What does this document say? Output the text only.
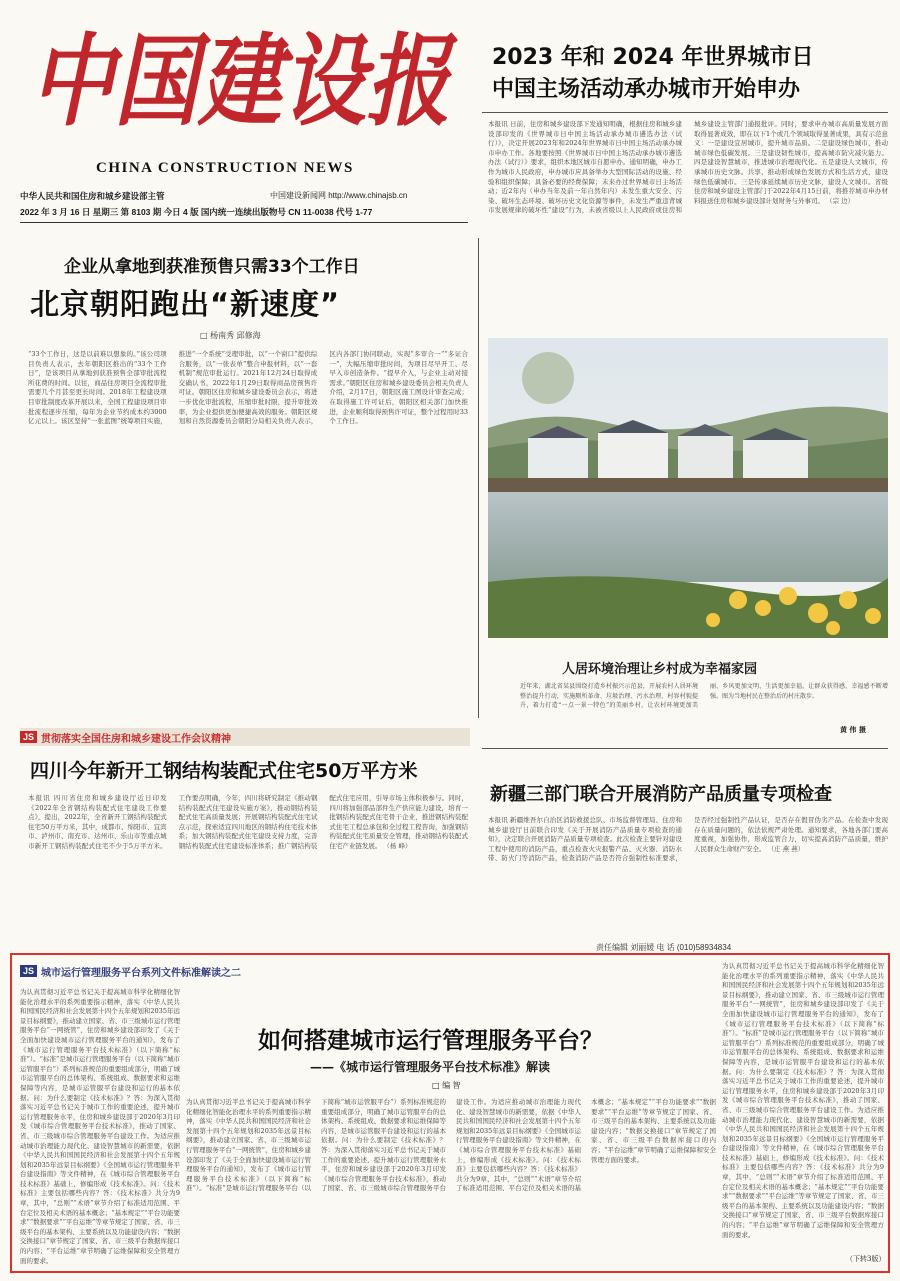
中国建设报
CHINA CONSTRUCTION NEWS
中华人民共和国住房和城乡建设部主管	中国建设新闻网 http://www.chinajsb.cn
2022 年 3 月 16 日 星期三 第 8103 期 今日 4 版 国内统一连续出版物号 CN 11-0038 代号 1-77
2023 年和 2024 年世界城市日
中国主场活动承办城市开始申办
本报讯 日前，住房和城乡建设部下发通知明确，根据住房和城乡建设部印发的《世界城市日中国主场活动承办城市遴选办法（试行）》，决定开展2023年和2024年世界城市日中国主场活动承办城市申办工作。各地要按照《世界城市日中国主场活动承办城市遴选办法（试行）》要求，组织本地区城市自愿申办。通知明确，申办工作为城市人民政府，申办城市应具备举办大型国际活动的设施、经验和组织保障；具备必要的经费保障；未来办过世界城市日主场活动；近2年内（申办当年及前一年自然年内）未发生重大安全、污染、破坏生态环境、破坏历史文化资源等事件，未发生严重违背城市发展规律的破坏性“建设”行为，未被省级以上人民政府或住房和城乡建设主管部门通报批评。同时，要求申办城市高质量发展方面取得显著成效，即在以下1个或几个领域取得显著成果，具有示范意义：一是建设宜居城市，提升城市品质。二是建设绿色城市，推动城市绿色低碳发展。三是建设韧性城市，提高城市防灾减灾能力。四是建设智慧城市，推进城市治理现代化。五是建设人文城市，传承城市历史文脉。共享、推动形成绿色发展方式和生活方式，建设绿色低碳城市。三是传承延续城市历史文脉，建设人文城市。省级住房和城乡建设主管部门于2022年4月15日前，将推荐城市申办材料报送住房和城乡建设部计划财务与外事司。 （宗 边）
企业从拿地到获准预售只需33个工作日
北京朝阳跑出“新速度”
□ 杨南秀 邱修海
“33个工作日，这是以前难以想象的。”该公司项目负责人表示，去年朝阳区推出的“33个工作日”，是该项目从拿地到获准预售全部审批流程所花费的时间。以往，商品住房项目全流程审批需要几个月甚至更长时间。2018年工程建设项目审批制度改革开展以来，全国工程建设项目审批流程逐步压缩，每年为企业节约成本约3000亿元以上。该区坚持“一张蓝图”统筹项目实施，推进“一个系统”受理审批，以“一个窗口”提供综合服务，以“一张表单”整合申报材料，以“一套机制”规范审批运行。2021年12月24日取得成交确认书，2022年1月29日取得商品房预售许可证。朝阳区住房和城乡建设委员会表示，将进一步优化审批流程，压缩审批时限，提升审批效率，为企业提供更加便捷高效的服务。朝阳区规划和自然资源委员会朝阳分局相关负责人表示，区内各部门协同联动，实现“多审合一”“多证合一”，大幅压缩审批时间，为项目尽早开工、尽早入市创造条件。“提早介入，与企业主动对接需求。”朝阳区住房和城乡建设委员会相关负责人介绍，2月17日，朝阳区施工图设计审查完成；在取得施工许可证后，朝阳区相关部门加快推进，企业顺利取得预售许可证，整个过程用时33个工作日。
人居环境治理让乡村成为幸福家园
近年来，湖北省某县围绕打造乡村振兴示范县，开展农村人居环境整治提升行动，实施厕所革命、垃圾治理、污水治理、村容村貌提升，着力打造“一点一景一特色”的美丽乡村，让农村环境更加美丽、乡风更加文明、生活更加幸福，让群众获得感、幸福感不断增强。图为当地村民在整治后的村庄散步。
黄 伟 摄
JS 贯彻落实全国住房和城乡建设工作会议精神
四川今年新开工钢结构装配式住宅50万平方米
本报讯 四川省住房和城乡建设厅近日印发《2022年全省钢结构装配式住宅建设工作要点》，提出，2022年，全省新开工钢结构装配式住宅50万平方米，其中，成都市、绵阳市、宜宾市、泸州市、南充市、达州市、乐山市等重点城市新开工钢结构装配式住宅不少于5万平方米。工作要点明确，今年，四川将研究制定《推动钢结构装配式住宅建设实施方案》，推动钢结构装配式住宅高质量发展；开展钢结构装配式住宅试点示范，探索适宜四川地区的钢结构住宅技术体系；加大钢结构装配式住宅建设支持力度，完善钢结构装配式住宅建设标准体系；推广钢结构装配式住宅应用，引导市场主体积极参与。同时，四川将加强部品部件生产供应能力建设，培育一批钢结构装配式住宅骨干企业，推进钢结构装配式住宅工程总承包和全过程工程咨询，加强钢结构装配式住宅质量安全管理，推动钢结构装配式住宅产业链发展。 （杨 峰）
新疆三部门联合开展消防产品质量专项检查
本报讯 新疆维吾尔自治区消防救援总队、市场监督管理局、住房和城乡建设厅日前联合印发《关于开展消防产品质量专项检查的通知》，决定联合开展消防产品质量专项检查。此次检查主要针对建设工程中使用的消防产品，重点检查火灾报警产品、灭火器、消防水带、防火门等消防产品，检查消防产品是否符合强制性标准要求，是否经过强制性产品认证，是否存在假冒伪劣产品。在检查中发现存在质量问题的，依法依规严肃处理。通知要求，各地各部门要高度重视，加强协作，形成监管合力，切实提高消防产品质量，维护人民群众生命财产安全。 （庄 燕 燕）
责任编辑 刘丽媛 电 话 (010)58934834
JS 城市运行管理服务平台系列文件标准解读之二
如何搭建城市运行管理服务平台？
——《城市运行管理服务平台技术标准》解读
□ 编 智
为认真贯彻习近平总书记关于提高城市科学化精细化智能化治理水平的系列重要指示精神，落实《中华人民共和国国民经济和社会发展第十四个五年规划和2035年远景目标纲要》，推动建立国家、省、市三级城市运行管理服务平台“一网统管”，住房和城乡建设部印发了《关于全面加快建设城市运行管理服务平台的通知》，发布了《城市运行管理服务平台技术标准》（以下简称“标准”）。“标准”是城市运行管理服务平台（以下简称“城市运管服平台”）系列标准规范的重要组成部分，明确了城市运管服平台的总体架构、系统组成、数据要求和运维保障等内容，是城市运管服平台建设和运行的基本依据。问：为什么要制定《技术标准》？答：为深入贯彻落实习近平总书记关于城市工作的重要论述，提升城市运行管理服务水平，住房和城乡建设部于2020年3月印发《城市综合管理服务平台技术标准》，推动了国家、省、市三级城市综合管理服务平台建设工作。为适应推动城市治理能力现代化、建设智慧城市的新需要，依据《中华人民共和国国民经济和社会发展第十四个五年规划和2035年远景目标纲要》《全国城市运行管理服务平台建设指南》等文件精神，在《城市综合管理服务平台技术标准》基础上，修编形成《技术标准》。问：《技术标准》主要包括哪些内容？答：《技术标准》共分为9章，其中，“总则”“术语”章节介绍了标准适用范围、平台定位及相关术语的基本概念；“基本规定”“平台功能要求”“数据要求”“平台运维”等章节规定了国家、省、市三级平台的基本架构、主要系统以及功能建设内容；“数据交换接口”章节规定了国家、省、市三级平台数据库接口的内容；“平台运维”章节明确了运维保障和安全管理方面的要求。
为认真贯彻习近平总书记关于提高城市科学化精细化智能化治理水平的系列重要指示精神，落实《中华人民共和国国民经济和社会发展第十四个五年规划和2035年远景目标纲要》，推动建立国家、省、市三级城市运行管理服务平台“一网统管”，住房和城乡建设部印发了《关于全面加快建设城市运行管理服务平台的通知》，发布了《城市运行管理服务平台技术标准》（以下简称“标准”）。“标准”是城市运行管理服务平台（以下简称“城市运管服平台”）系列标准规范的重要组成部分，明确了城市运管服平台的总体架构、系统组成、数据要求和运维保障等内容，是城市运管服平台建设和运行的基本依据。问：为什么要制定《技术标准》？答：为深入贯彻落实习近平总书记关于城市工作的重要论述，提升城市运行管理服务水平，住房和城乡建设部于2020年3月印发《城市综合管理服务平台技术标准》，推动了国家、省、市三级城市综合管理服务平台建设工作。为适应推动城市治理能力现代化、建设智慧城市的新需要，依据《中华人民共和国国民经济和社会发展第十四个五年规划和2035年远景目标纲要》《全国城市运行管理服务平台建设指南》等文件精神，在《城市综合管理服务平台技术标准》基础上，修编形成《技术标准》。问：《技术标准》主要包括哪些内容？答：《技术标准》共分为9章，其中，“总则”“术语”章节介绍了标准适用范围、平台定位及相关术语的基本概念；“基本规定”“平台功能要求”“数据要求”“平台运维”等章节规定了国家、省、市三级平台的基本架构、主要系统以及功能建设内容；“数据交换接口”章节规定了国家、省、市三级平台数据库接口的内容；“平台运维”章节明确了运维保障和安全管理方面的要求。
为认真贯彻习近平总书记关于提高城市科学化精细化智能化治理水平的系列重要指示精神，落实《中华人民共和国国民经济和社会发展第十四个五年规划和2035年远景目标纲要》，推动建立国家、省、市三级城市运行管理服务平台“一网统管”，住房和城乡建设部印发了《关于全面加快建设城市运行管理服务平台的通知》，发布了《城市运行管理服务平台技术标准》（以下简称“标准”）。“标准”是城市运行管理服务平台（以下简称“城市运管服平台”）系列标准规范的重要组成部分，明确了城市运管服平台的总体架构、系统组成、数据要求和运维保障等内容，是城市运管服平台建设和运行的基本依据。问：为什么要制定《技术标准》？答：为深入贯彻落实习近平总书记关于城市工作的重要论述，提升城市运行管理服务水平，住房和城乡建设部于2020年3月印发《城市综合管理服务平台技术标准》，推动了国家、省、市三级城市综合管理服务平台建设工作。为适应推动城市治理能力现代化、建设智慧城市的新需要，依据《中华人民共和国国民经济和社会发展第十四个五年规划和2035年远景目标纲要》《全国城市运行管理服务平台建设指南》等文件精神，在《城市综合管理服务平台技术标准》基础上，修编形成《技术标准》。问：《技术标准》主要包括哪些内容？答：《技术标准》共分为9章，其中，“总则”“术语”章节介绍了标准适用范围、平台定位及相关术语的基本概念；“基本规定”“平台功能要求”“数据要求”“平台运维”等章节规定了国家、省、市三级平台的基本架构、主要系统以及功能建设内容；“数据交换接口”章节规定了国家、省、市三级平台数据库接口的内容；“平台运维”章节明确了运维保障和安全管理方面的要求。
（下转3版）
